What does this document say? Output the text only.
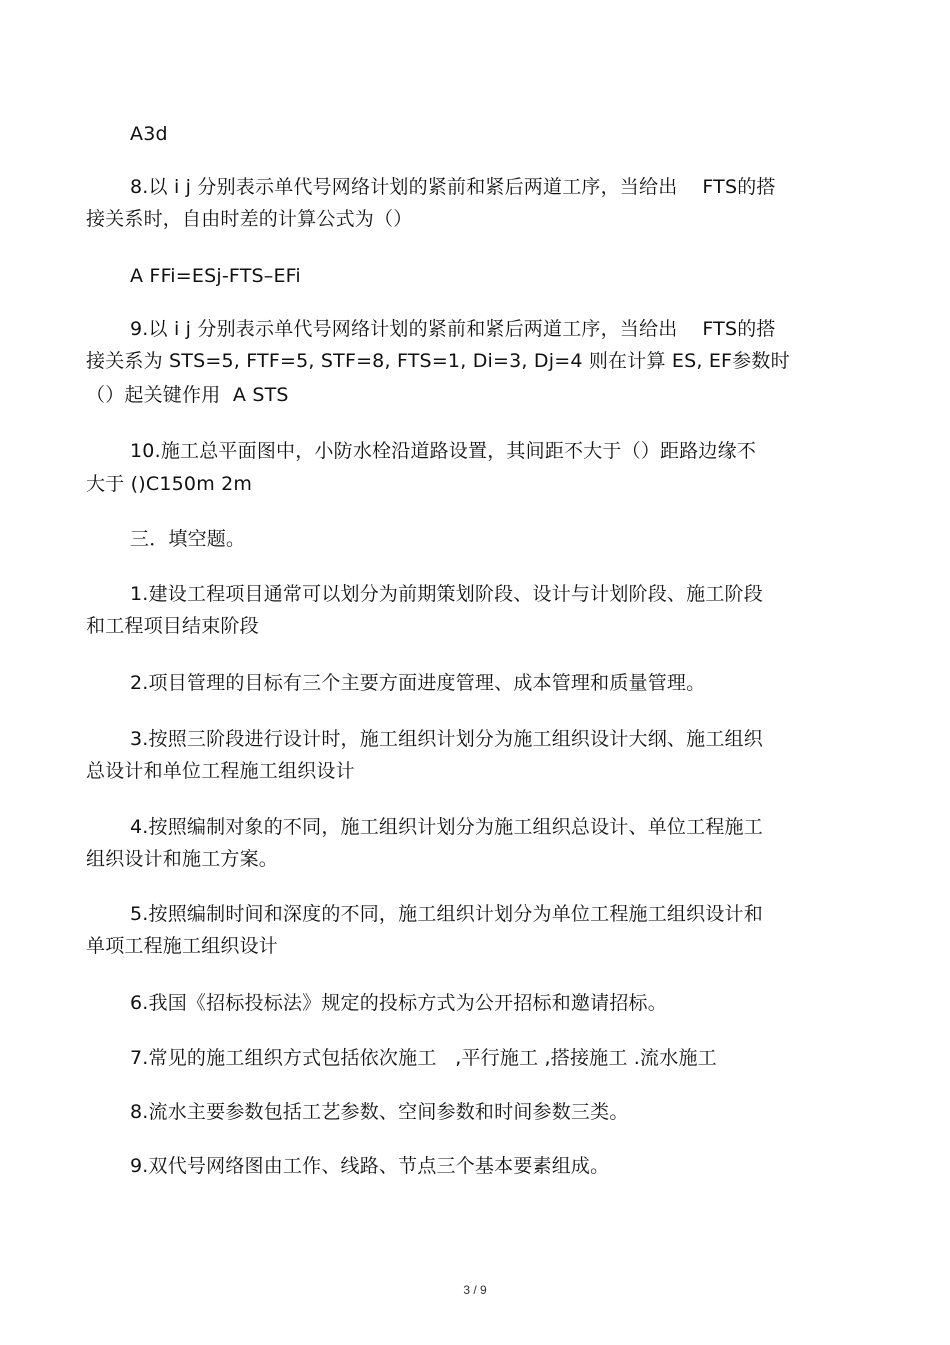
A3d
8.以 i j 分别表示单代号网络计划的紧前和紧后两道工序，当给出    FTS的搭
接关系时，自由时差的计算公式为（）
A FFi=ESj-FTS–EFi
9.以 i j 分别表示单代号网络计划的紧前和紧后两道工序，当给出    FTS的搭
接关系为 STS=5, FTF=5, STF=8, FTS=1, Di=3, Dj=4 则在计算 ES, EF参数时
（）起关键作用  A STS
10.施工总平面图中，小防水栓沿道路设置，其间距不大于（）距路边缘不
大于 ()C150m 2m
三．填空题。
1.建设工程项目通常可以划分为前期策划阶段、设计与计划阶段、施工阶段
和工程项目结束阶段
2.项目管理的目标有三个主要方面进度管理、成本管理和质量管理。
3.按照三阶段进行设计时，施工组织计划分为施工组织设计大纲、施工组织
总设计和单位工程施工组织设计
4.按照编制对象的不同，施工组织计划分为施工组织总设计、单位工程施工
组织设计和施工方案。
5.按照编制时间和深度的不同，施工组织计划分为单位工程施工组织设计和
单项工程施工组织设计
6.我国《招标投标法》规定的投标方式为公开招标和邀请招标。
7.常见的施工组织方式包括依次施工   ,平行施工 ,搭接施工 .流水施工
8.流水主要参数包括工艺参数、空间参数和时间参数三类。
9.双代号网络图由工作、线路、节点三个基本要素组成。
3 / 9
